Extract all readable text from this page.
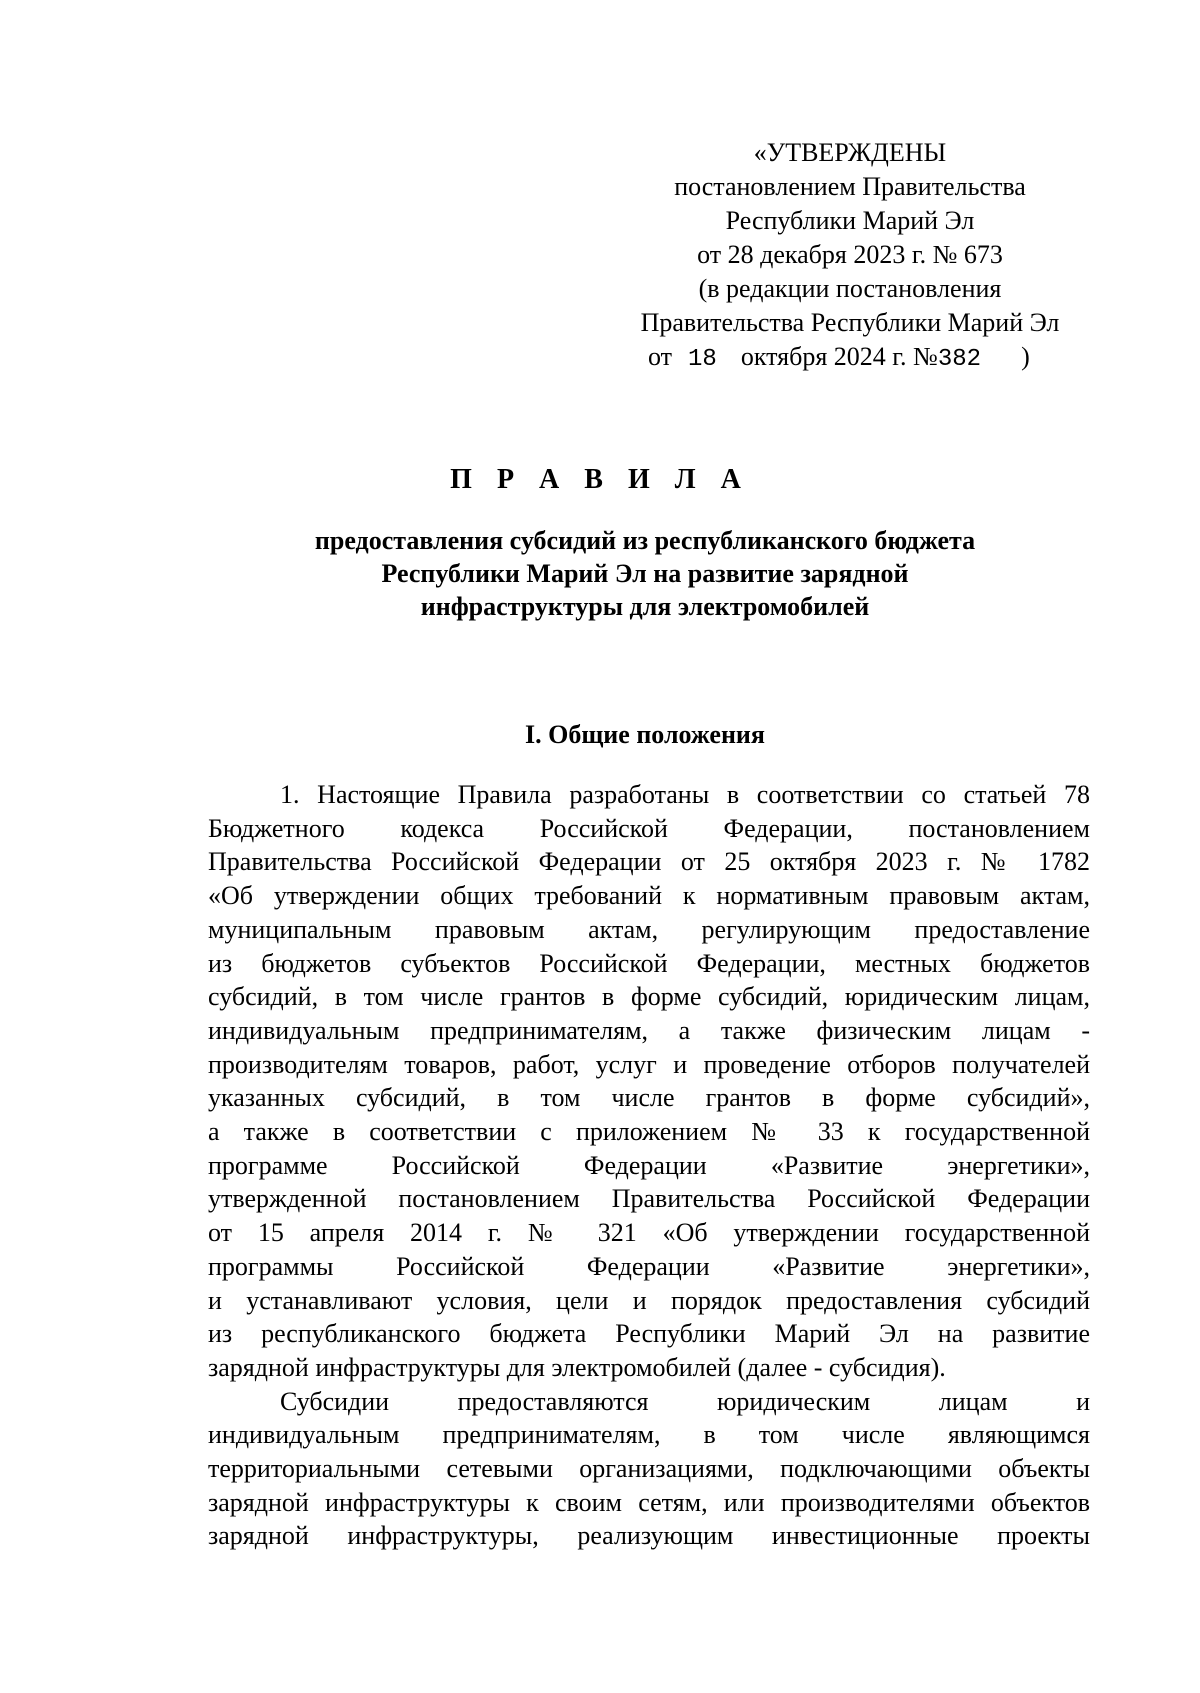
«УТВЕРЖДЕНЫ
постановлением Правительства
Республики Марий Эл
от 28 декабря 2023 г. № 673
(в редакции постановления
Правительства Республики Марий Эл
от 18 октября 2024 г. №382 )
П Р А В И Л А
предоставления субсидий из республиканского бюджета
Республики Марий Эл на развитие зарядной
инфраструктуры для электромобилей
I. Общие положения
1. Настоящие Правила разработаны в соответствии со статьей 78
Бюджетного кодекса Российской Федерации, постановлением
Правительства Российской Федерации от 25 октября 2023 г. № 1782
«Об утверждении общих требований к нормативным правовым актам,
муниципальным правовым актам, регулирующим предоставление
из бюджетов субъектов Российской Федерации, местных бюджетов
субсидий, в том числе грантов в форме субсидий, юридическим лицам,
индивидуальным предпринимателям, а также физическим лицам -
производителям товаров, работ, услуг и проведение отборов получателей
указанных субсидий, в том числе грантов в форме субсидий»,
а также в соответствии с приложением № 33 к государственной
программе Российской Федерации «Развитие энергетики»,
утвержденной постановлением Правительства Российской Федерации
от 15 апреля 2014 г. № 321 «Об утверждении государственной
программы Российской Федерации «Развитие энергетики»,
и устанавливают условия, цели и порядок предоставления субсидий
из республиканского бюджета Республики Марий Эл на развитие
зарядной инфраструктуры для электромобилей (далее - субсидия).
Субсидии предоставляются юридическим лицам и
индивидуальным предпринимателям, в том числе являющимся
территориальными сетевыми организациями, подключающими объекты
зарядной инфраструктуры к своим сетям, или производителями объектов
зарядной инфраструктуры, реализующим инвестиционные проекты
